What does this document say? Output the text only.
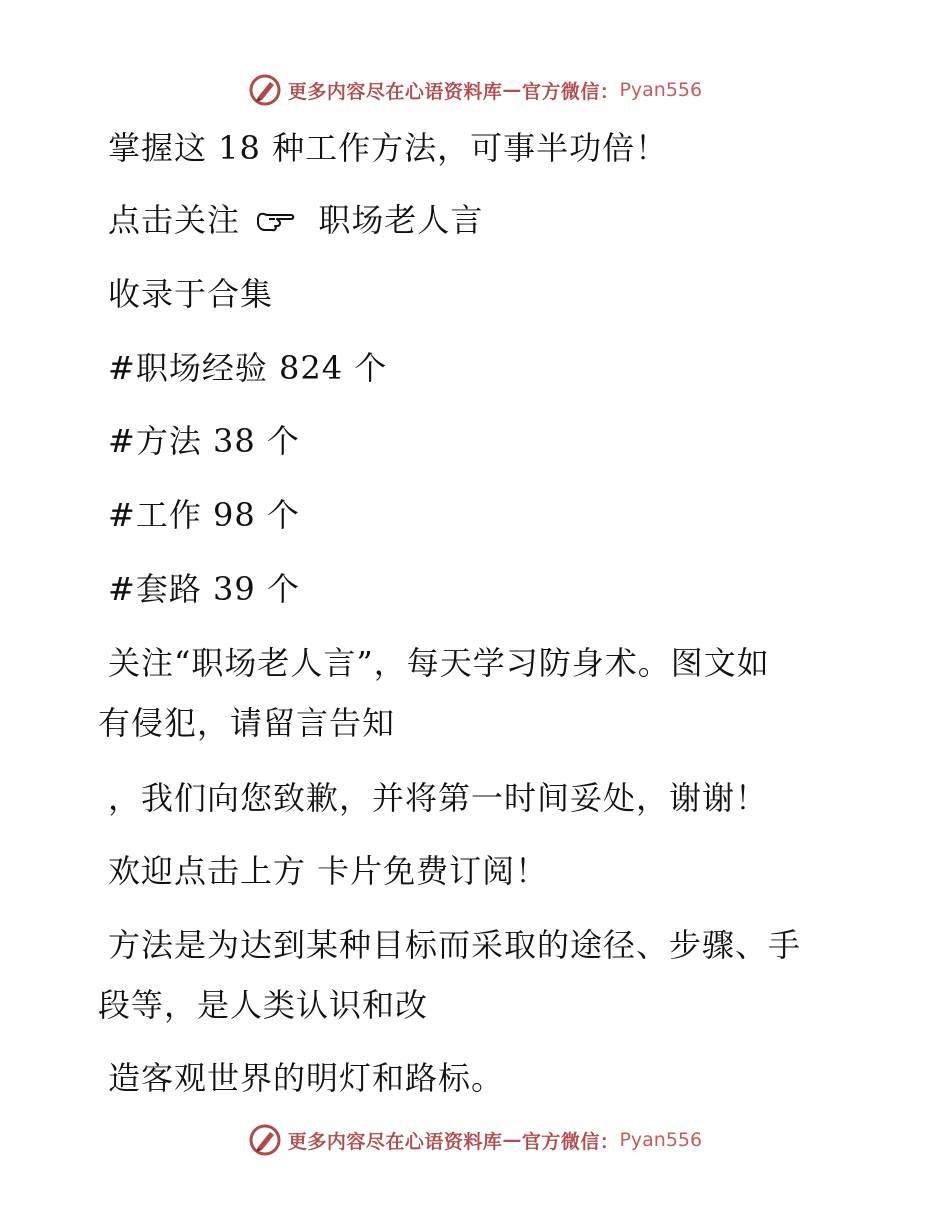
更多内容尽在心语资料库 — 官方微信： Pyan556
掌握这 18 种工作方法，可事半功倍！
点击关注 职场老人言
收录于合集
#职场经验 824 个
#方法 38 个
#工作 98 个
#套路 39 个
关注“职场老人言”，每天学习防身术。图文如
有侵犯，请留言告知
，我们向您致歉，并将第一时间妥处，谢谢！
欢迎点击上方 卡片免费订阅！
方法是为达到某种目标而采取的途径、步骤、手
段等，是人类认识和改
造客观世界的明灯和路标。
更多内容尽在心语资料库 — 官方微信： Pyan556
